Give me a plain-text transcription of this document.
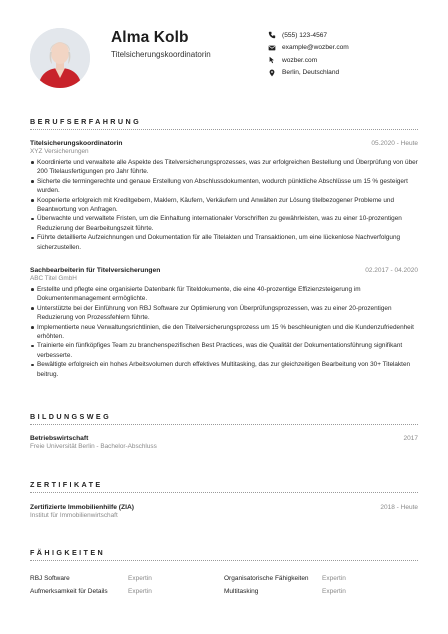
Alma Kolb
Titelsicherungskoordinatorin
(555) 123-4567
example@wozber.com
wozber.com
Berlin, Deutschland
BERUFSERFAHRUNG
Titelsicherungskoordinatorin	05.2020 - Heute
XYZ Versicherungen
Koordinierte und verwaltete alle Aspekte des Titelversicherungsprozesses, was zur erfolgreichen Bestellung und Überprüfung von über 200 Titelausfertigungen pro Jahr führte.
Sicherte die termingerechte und genaue Erstellung von Abschlussdokumenten, wodurch pünktliche Abschlüsse um 15 % gesteigert wurden.
Kooperierte erfolgreich mit Kreditgebern, Maklern, Käufern, Verkäufern und Anwälten zur Lösung titelbezogener Probleme und Beantwortung von Anfragen.
Überwachte und verwaltete Fristen, um die Einhaltung internationaler Vorschriften zu gewährleisten, was zu einer 10-prozentigen Reduzierung der Bearbeitungszeit führte.
Führte detaillierte Aufzeichnungen und Dokumentation für alle Titelakten und Transaktionen, um eine lückenlose Nachverfolgung sicherzustellen.
Sachbearbeiterin für Titelversicherungen	02.2017 - 04.2020
ABC Titel GmbH
Erstellte und pflegte eine organisierte Datenbank für Titeldokumente, die eine 40-prozentige Effizienzsteigerung im Dokumentenmanagement ermöglichte.
Unterstützte bei der Einführung von RBJ Software zur Optimierung von Überprüfungsprozessen, was zu einer 20-prozentigen Reduzierung von Prozessfehlern führte.
Implementierte neue Verwaltungsrichtlinien, die den Titelversicherungsprozess um 15 % beschleunigten und die Kundenzufriedenheit erhöhten.
Trainierte ein fünfköpfiges Team zu branchenspezifischen Best Practices, was die Qualität der Dokumentationsführung signifikant verbesserte.
Bewältigte erfolgreich ein hohes Arbeitsvolumen durch effektives Multitasking, das zur gleichzeitigen Bearbeitung von 30+ Titelakten beitrug.
BILDUNGSWEG
Betriebswirtschaft	2017
Freie Universität Berlin - Bachelor-Abschluss
ZERTIFIKATE
Zertifizierte Immobilienhilfe (ZIA)	2018 - Heute
Institut für Immobilienwirtschaft
FÄHIGKEITEN
RBJ Software	Expertin	Organisatorische Fähigkeiten	Expertin
Aufmerksamkeit für Details	Expertin	Multitasking	Expertin
